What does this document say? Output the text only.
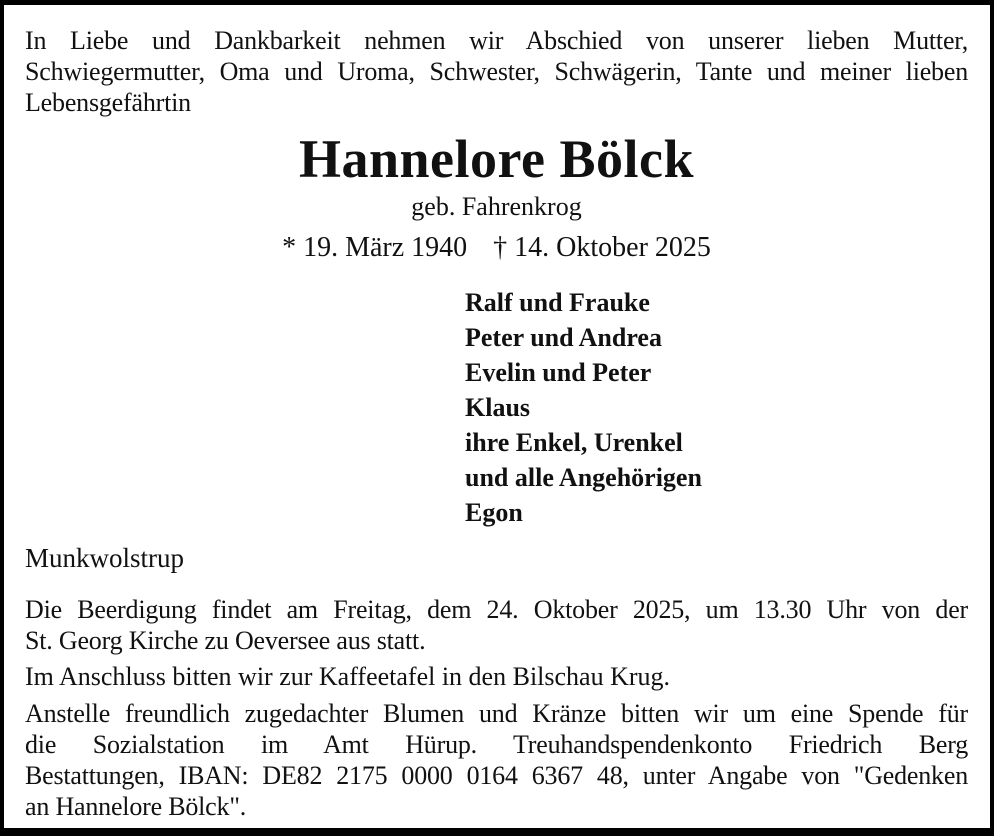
In Liebe und Dankbarkeit nehmen wir Abschied von unserer lieben Mutter,
Schwiegermutter, Oma und Uroma, Schwester, Schwägerin, Tante und meiner lieben
Lebensgefährtin
Hannelore Bölck
geb. Fahrenkrog
* 19. März 1940 † 14. Oktober 2025
Ralf und Frauke
Peter und Andrea
Evelin und Peter
Klaus
ihre Enkel, Urenkel
und alle Angehörigen
Egon
Munkwolstrup
Die Beerdigung findet am Freitag, dem 24. Oktober 2025, um 13.30 Uhr von der
St. Georg Kirche zu Oeversee aus statt.
Im Anschluss bitten wir zur Kaffeetafel in den Bilschau Krug.
Anstelle freundlich zugedachter Blumen und Kränze bitten wir um eine Spende für
die Sozialstation im Amt Hürup. Treuhandspendenkonto Friedrich Berg
Bestattungen, IBAN: DE82 2175 0000 0164 6367 48, unter Angabe von "Gedenken
an Hannelore Bölck".
